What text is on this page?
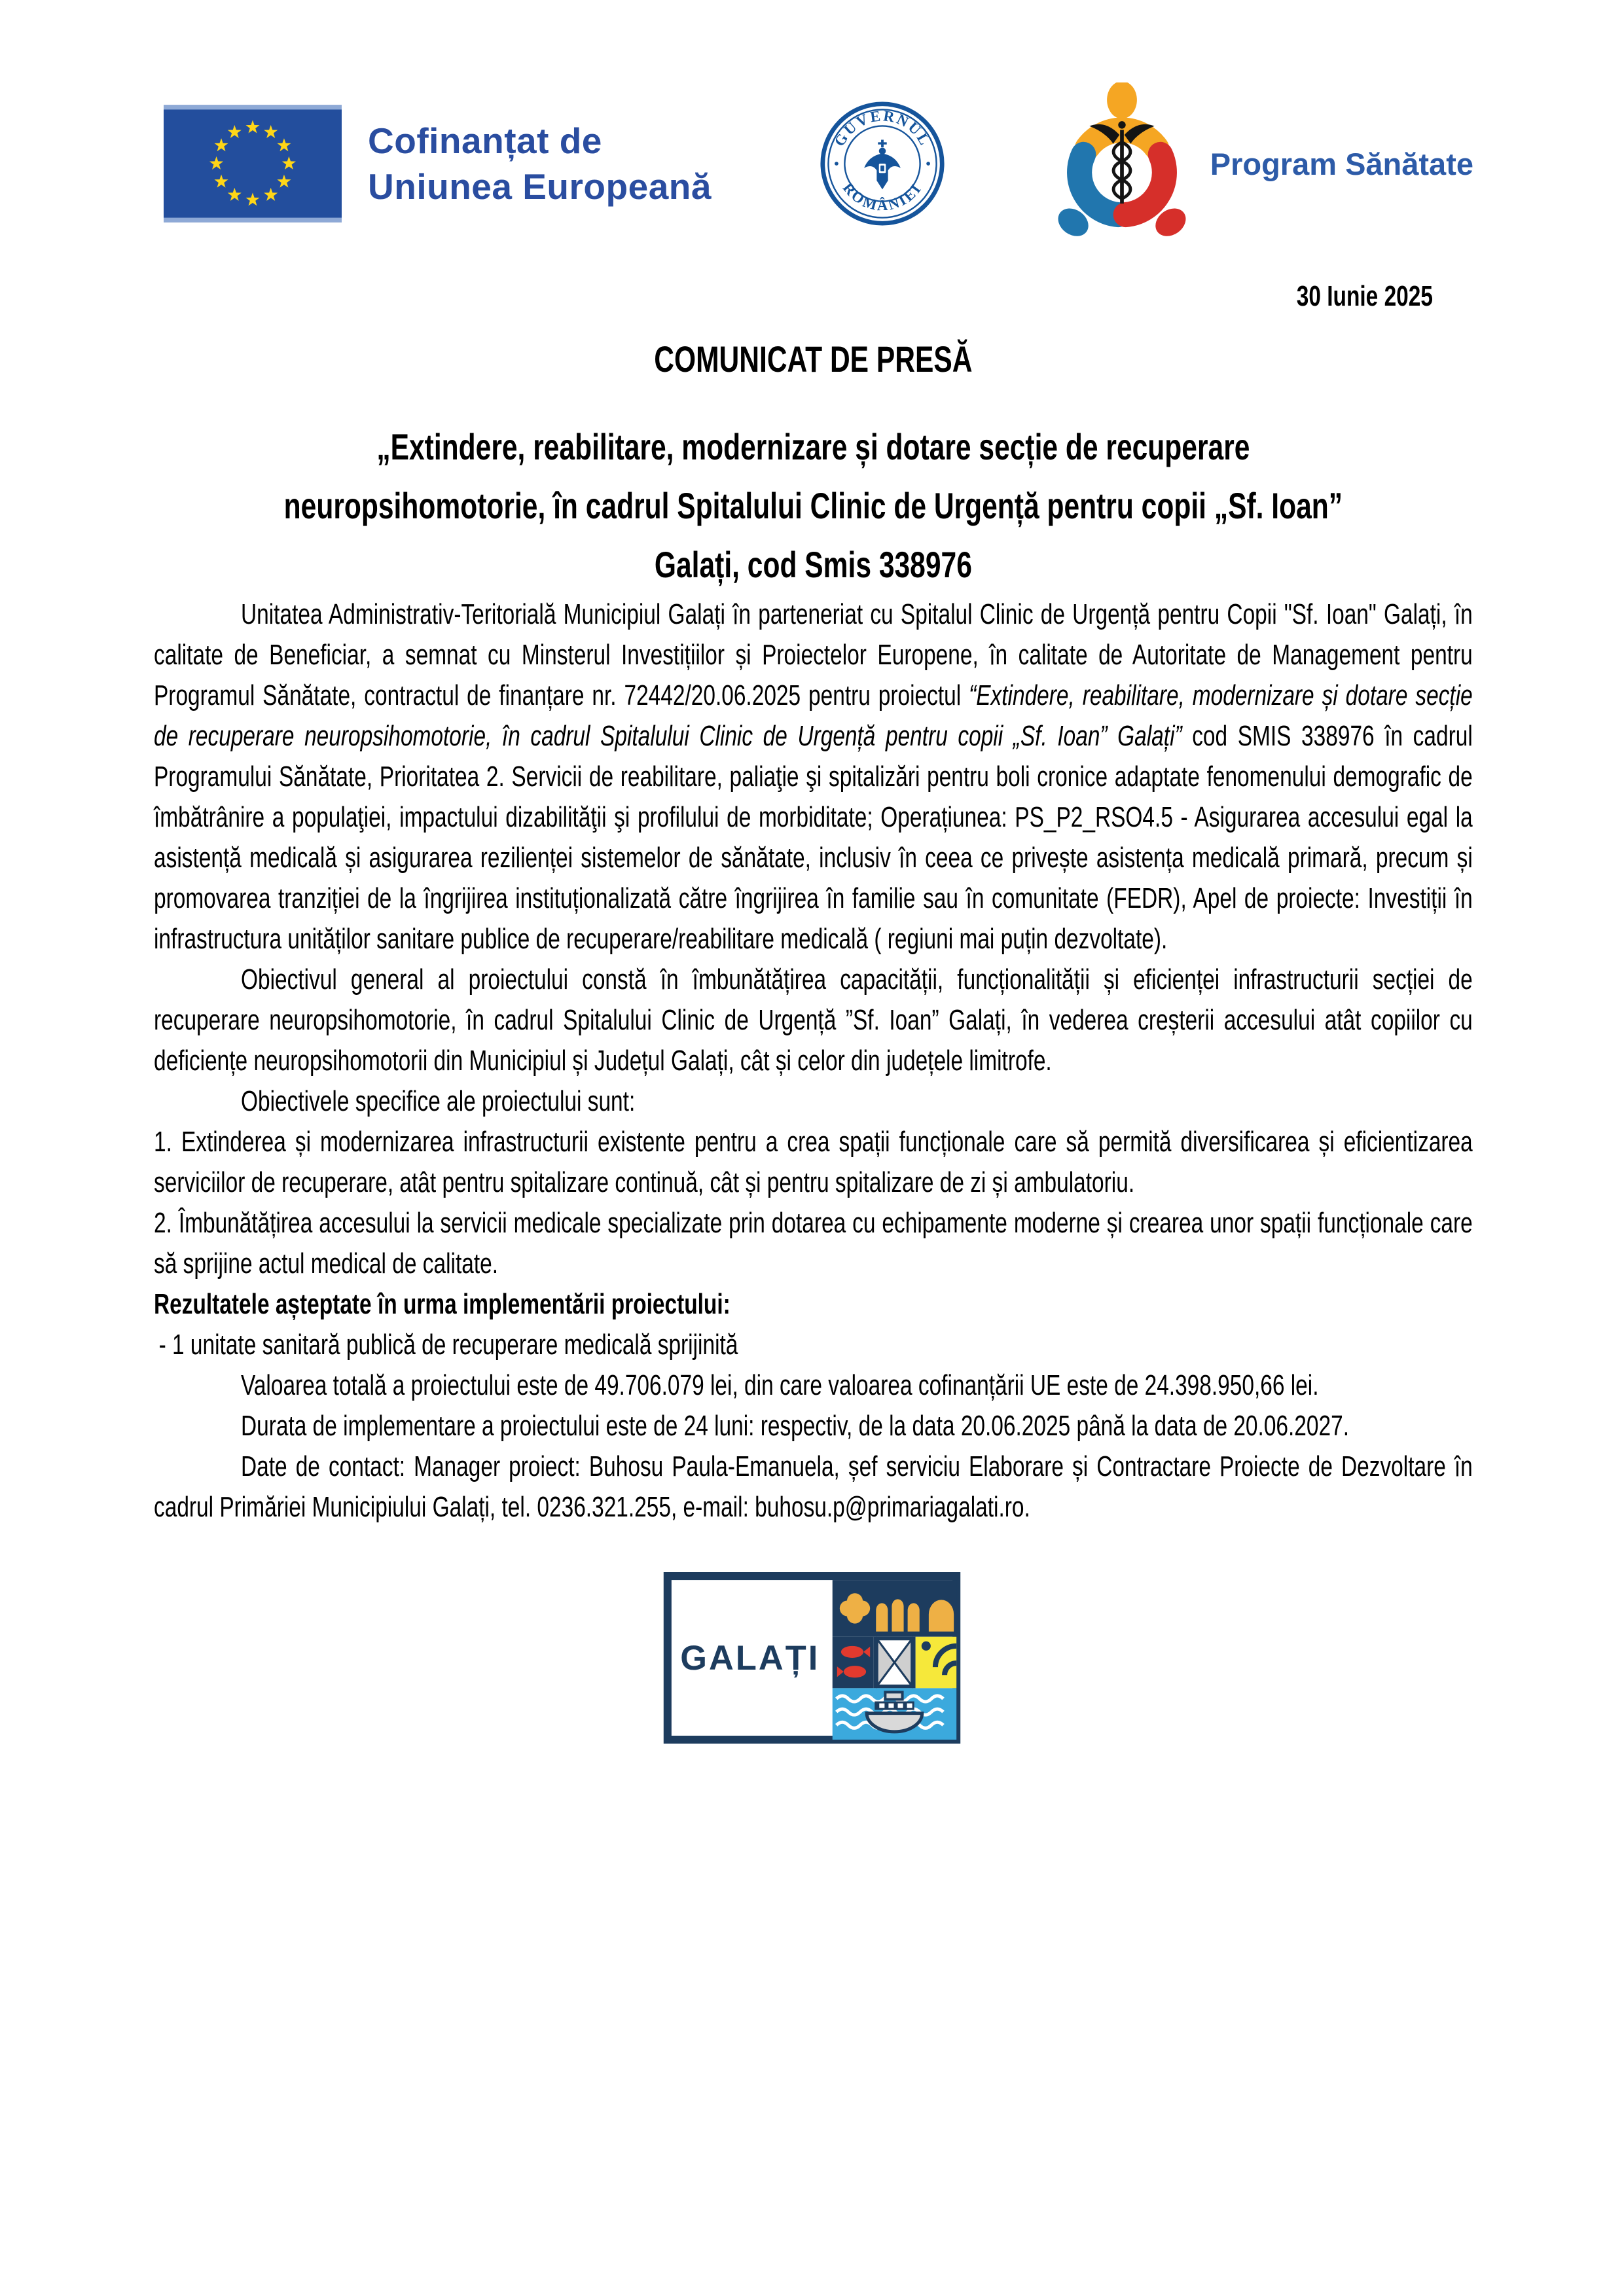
Cofinanțat de
Uniunea Europeană
GUVERNUL
ROMÂNIEI
Program Sănătate
30 Iunie 2025
COMUNICAT DE PRESĂ
„Extindere, reabilitare, modernizare și dotare secție de recuperare
neuropsihomotorie, în cadrul Spitalului Clinic de Urgență pentru copii „Sf. Ioan”
Galați, cod Smis 338976

Unitatea Administrativ-Teritorială Municipiul Galați în parteneriat cu Spitalul Clinic de Urgență pentru Copii "Sf. Ioan" Galați, în calitate de Beneficiar, a semnat cu Minsterul Investițiilor și Proiectelor Europene, în calitate de Autoritate de Management pentru Programul Sănătate, contractul de finanțare nr. 72442/20.06.2025 pentru proiectul “Extindere, reabilitare, modernizare și dotare secție de recuperare neuropsihomotorie, în cadrul Spitalului Clinic de Urgență pentru copii „Sf. Ioan” Galați” cod SMIS 338976 în cadrul Programului Sănătate, Prioritatea 2. Servicii de reabilitare, paliaţie şi spitalizări pentru boli cronice adaptate fenomenului demografic de îmbătrânire a populaţiei, impactului dizabilităţii şi profilului de morbiditate; Operațiunea: PS_P2_RSO4.5 - Asigurarea accesului egal la asistență medicală și asigurarea rezilienței sistemelor de sănătate, inclusiv în ceea ce privește asistența medicală primară, precum și promovarea tranziției de la îngrijirea instituționalizată către îngrijirea în familie sau în comunitate (FEDR), Apel de proiecte: Investiții în infrastructura unităților sanitare publice de recuperare/reabilitare medicală ( regiuni mai puțin dezvoltate).

Obiectivul general al proiectului constă în îmbunătățirea capacității, funcționalității și eficienței infrastructurii secției de recuperare neuropsihomotorie, în cadrul Spitalului Clinic de Urgență ”Sf. Ioan” Galați, în vederea creșterii accesului atât copiilor cu deficiențe neuropsihomotorii din Municipiul și Județul Galați, cât și celor din județele limitrofe.

Obiectivele specifice ale proiectului sunt:

1. Extinderea și modernizarea infrastructurii existente pentru a crea spații funcționale care să permită diversificarea și eficientizarea serviciilor de recuperare, atât pentru spitalizare continuă, cât și pentru spitalizare de zi și ambulatoriu.

2. Îmbunătățirea accesului la servicii medicale specializate prin dotarea cu echipamente moderne și crearea unor spații funcționale care să sprijine actul medical de calitate.

Rezultatele așteptate în urma implementării proiectului:

- 1 unitate sanitară publică de recuperare medicală sprijinită

Valoarea totală a proiectului este de 49.706.079 lei, din care valoarea cofinanțării UE este de 24.398.950,66 lei.

Durata de implementare a proiectului este de 24 luni: respectiv, de la data 20.06.2025 până la data de 20.06.2027.

Date de contact: Manager proiect: Buhosu Paula-Emanuela, șef serviciu Elaborare și Contractare Proiecte de Dezvoltare în cadrul Primăriei Municipiului Galați, tel. 0236.321.255, e-mail: buhosu.p@primariagalati.ro.

GALAȚI
